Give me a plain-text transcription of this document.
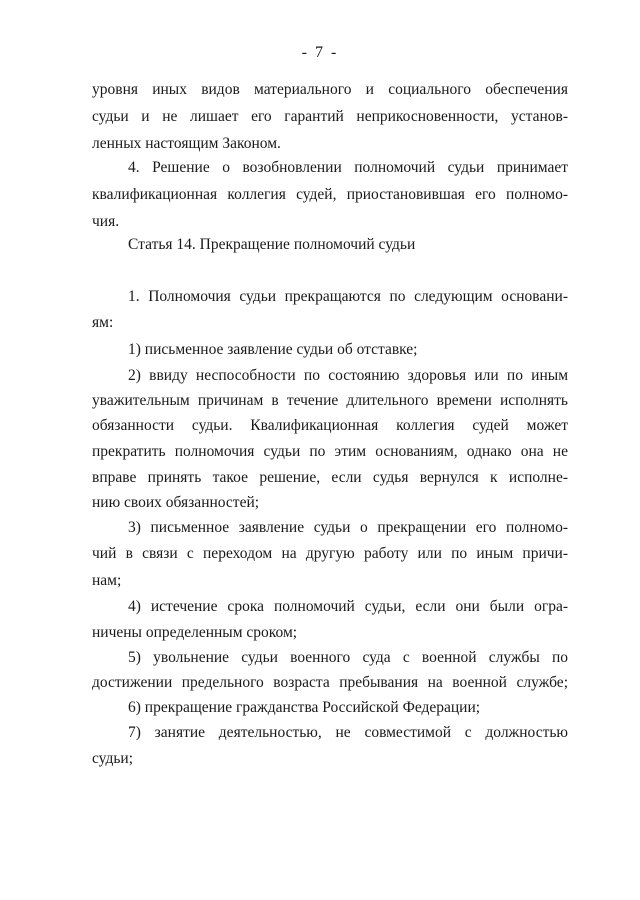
- 7 -
уровня иных видов материального и социального обеспечения
судьи и не лишает его гарантий неприкосновенности, установ-
ленных настоящим Законом.
4. Решение о возобновлении полномочий судьи принимает
квалификационная коллегия судей, приостановившая его полномо-
чия.
Статья 14. Прекращение полномочий судьи
1. Полномочия судьи прекращаются по следующим основани-
ям:
1) письменное заявление судьи об отставке;
2) ввиду неспособности по состоянию здоровья или по иным
уважительным причинам в течение длительного времени исполнять
обязанности судьи. Квалификационная коллегия судей может
прекратить полномочия судьи по этим основаниям, однако она не
вправе принять такое решение, если судья вернулся к исполне-
нию своих обязанностей;
3) письменное заявление судьи о прекращении его полномо-
чий в связи с переходом на другую работу или по иным причи-
нам;
4) истечение срока полномочий судьи, если они были огра-
ничены определенным сроком;
5) увольнение судьи военного суда с военной службы по
достижении предельного возраста пребывания на военной службе;
6) прекращение гражданства Российской Федерации;
7) занятие деятельностью, не совместимой с должностью
судьи;
